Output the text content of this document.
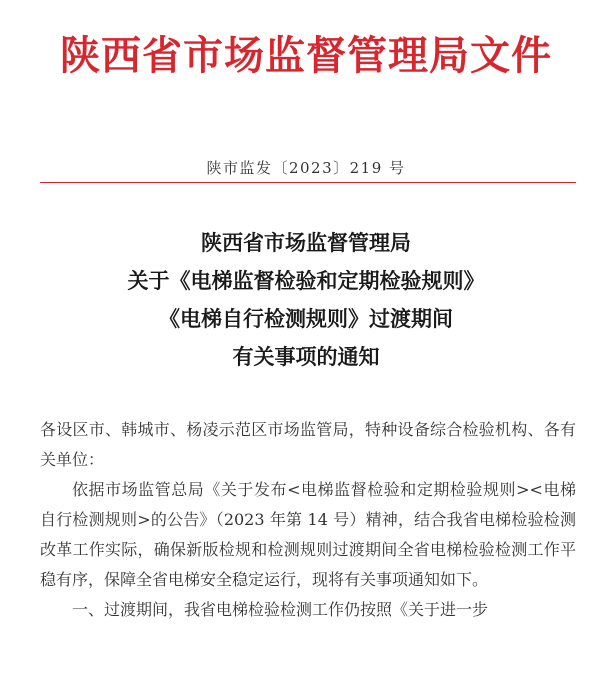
陕西省市场监督管理局文件
陕市监发〔2023〕219 号
陕西省市场监督管理局
关于《电梯监督检验和定期检验规则》
《电梯自行检测规则》过渡期间
有关事项的通知

各设区市、韩城市、杨凌示范区市场监管局，特种设备综合检验机构、各有关单位：

依据市场监管总局《关于发布<电梯监督检验和定期检验规则><电梯自行检测规则>的公告》（2023 年第 14 号）精神，结合我省电梯检验检测改革工作实际，确保新版检规和检测规则过渡期间全省电梯检验检测工作平稳有序，保障全省电梯安全稳定运行，现将有关事项通知如下。

一、过渡期间，我省电梯检验检测工作仍按照《关于进一步
